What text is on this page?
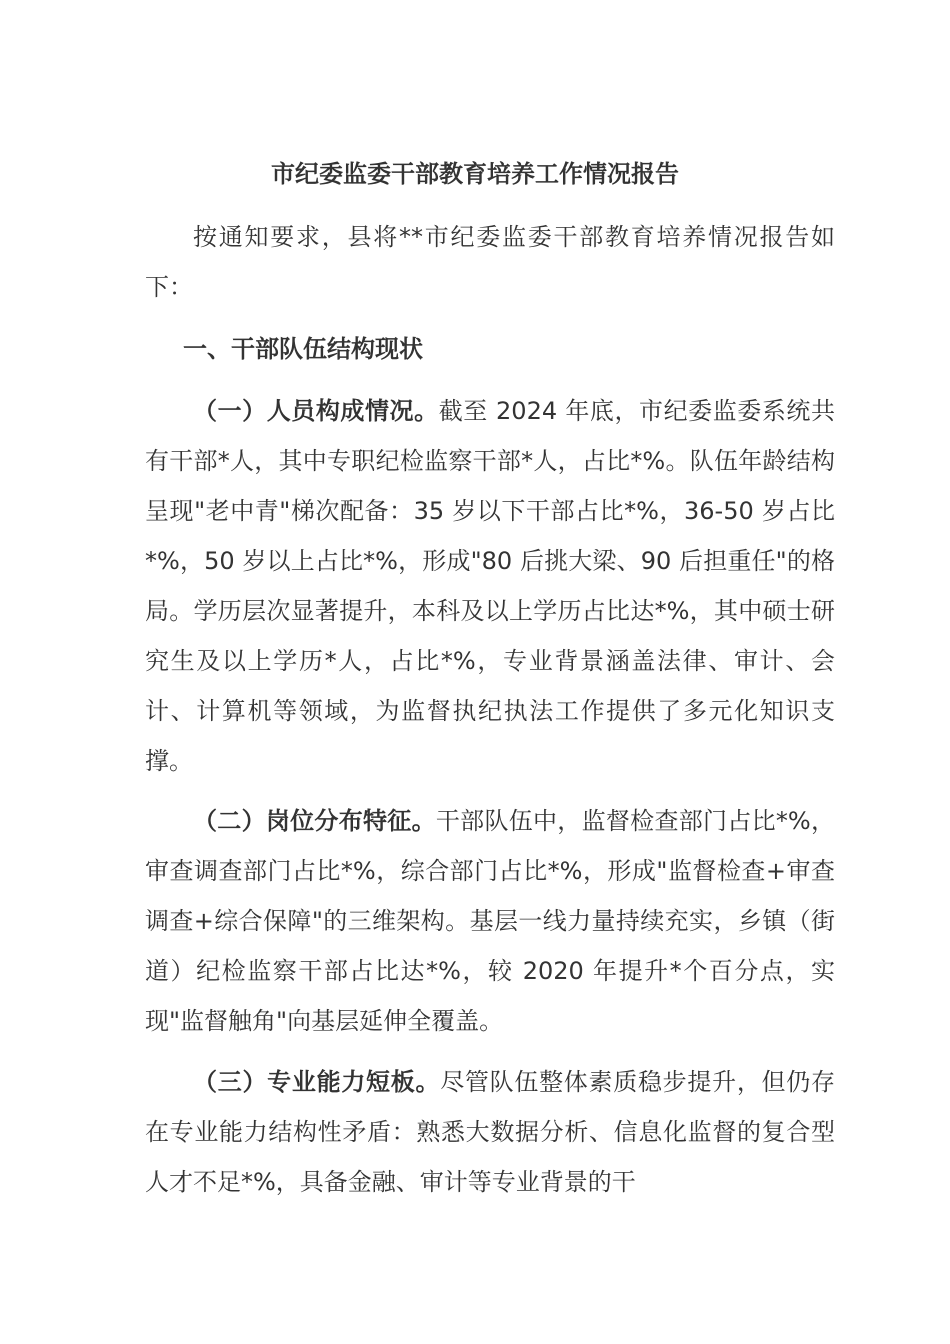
市纪委监委干部教育培养工作情况报告
按通知要求，县将**市纪委监委干部教育培养情况报告如下：
一、干部队伍结构现状
（一）人员构成情况。截至 2024 年底，市纪委监委系统共有干部*人，其中专职纪检监察干部*人，占比*%。队伍年龄结构呈现"老中青"梯次配备：35 岁以下干部占比*%，36-50 岁占比*%，50 岁以上占比*%，形成"80 后挑大梁、90 后担重任"的格局。学历层次显著提升，本科及以上学历占比达*%，其中硕士研究生及以上学历*人，占比*%，专业背景涵盖法律、审计、会计、计算机等领域，为监督执纪执法工作提供了多元化知识支撑。
（二）岗位分布特征。干部队伍中，监督检查部门占比*%，审查调查部门占比*%，综合部门占比*%，形成"监督检查+审查调查+综合保障"的三维架构。基层一线力量持续充实，乡镇（街道）纪检监察干部占比达*%，较 2020 年提升*个百分点，实现"监督触角"向基层延伸全覆盖。
（三）专业能力短板。尽管队伍整体素质稳步提升，但仍存在专业能力结构性矛盾：熟悉大数据分析、信息化监督的复合型人才不足*%，具备金融、审计等专业背景的干
